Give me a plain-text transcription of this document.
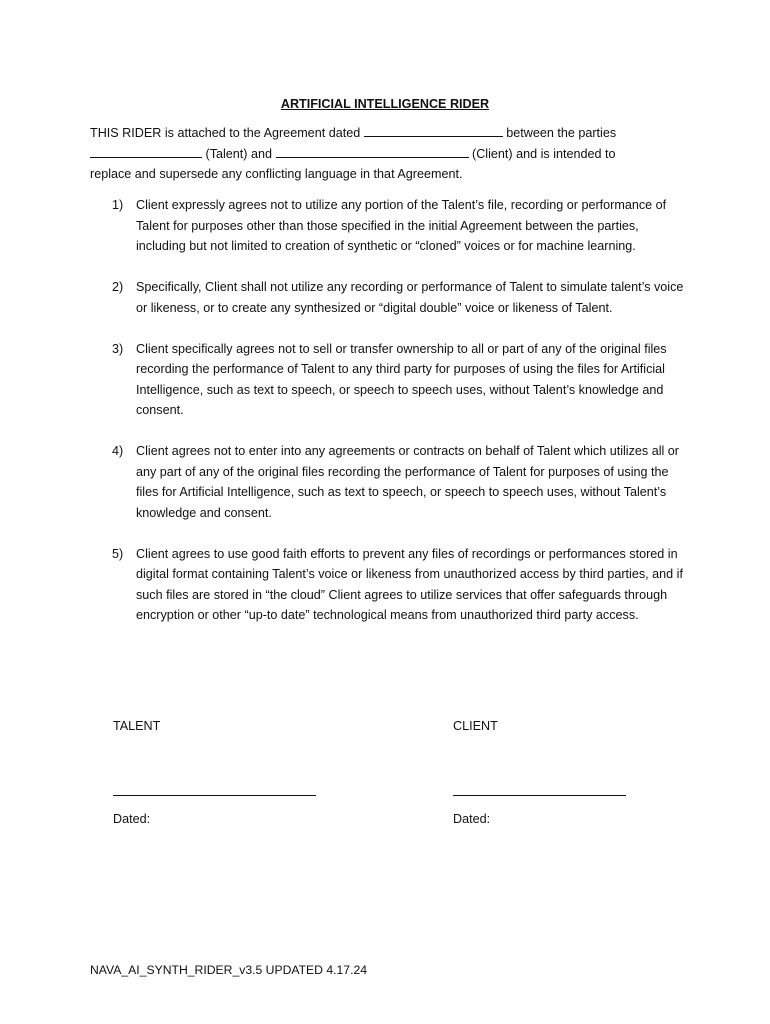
ARTIFICIAL INTELLIGENCE RIDER
THIS RIDER is attached to the Agreement dated	between the parties
(Talent) and	(Client) and is intended to
replace and supersede any conflicting language in that Agreement.
1) Client expressly agrees not to utilize any portion of the Talent’s file, recording or performance of Talent for purposes other than those specified in the initial Agreement between the parties, including but not limited to creation of synthetic or “cloned” voices or for machine learning.
2) Specifically, Client shall not utilize any recording or performance of Talent to simulate talent’s voice or likeness, or to create any synthesized or “digital double” voice or likeness of Talent.
3) Client specifically agrees not to sell or transfer ownership to all or part of any of the original files recording the performance of Talent to any third party for purposes of using the files for Artificial Intelligence, such as text to speech, or speech to speech uses, without Talent’s knowledge and consent.
4) Client agrees not to enter into any agreements or contracts on behalf of Talent which utilizes all or any part of any of the original files recording the performance of Talent for purposes of using the files for Artificial Intelligence, such as text to speech, or speech to speech uses, without Talent’s knowledge and consent.
5) Client agrees to use good faith efforts to prevent any files of recordings or performances stored in digital format containing Talent’s voice or likeness from unauthorized access by third parties, and if such files are stored in “the cloud” Client agrees to utilize services that offer safeguards through encryption or other “up-to date” technological means from unauthorized third party access.
TALENT
Dated:
CLIENT
Dated:
NAVA_AI_SYNTH_RIDER_v3.5 UPDATED 4.17.24
